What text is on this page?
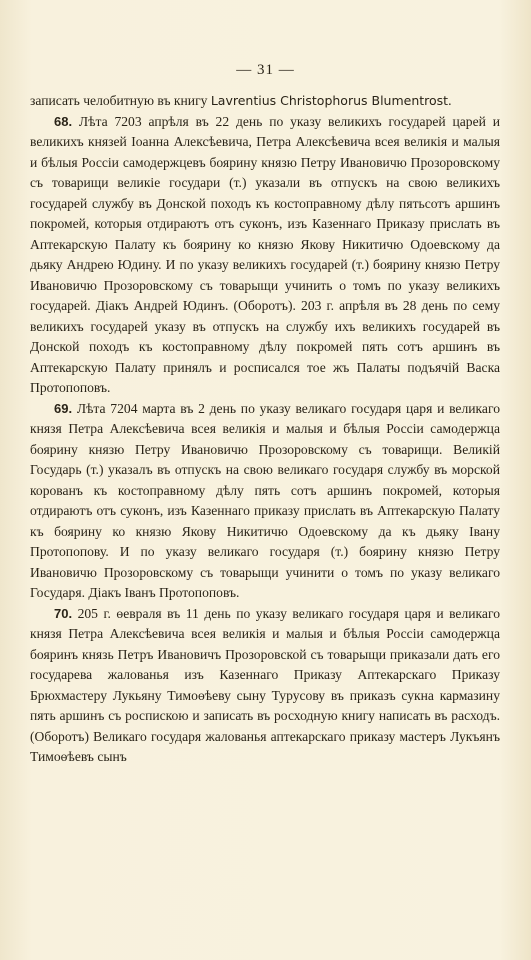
— 31 —

записать челобитную въ книгу Lavrentius Christophorus Blumentrost.

68. Лѣта 7203 апрѣля въ 22 день по указу великихъ государей царей и великихъ князей Іоанна Алексѣевича, Петра Алексѣевича всея великія и малыя и бѣлыя Россіи самодержцевъ боярину князю Петру Ивановичю Прозоровскому съ товарищи великіе государи (т.) указали въ отпускъ на свою великихъ государей службу въ Донской походъ къ костоправному дѣлу пятьсотъ аршинъ покромей, которыя отдираютъ отъ суконъ, изъ Казеннаго Приказу прислать въ Аптекарскую Палату къ боярину ко князю Якову Никитичю Одоевскому да дьяку Андрею Юдину. И по указу великихъ государей (т.) боярину князю Петру Ивановичю Прозоровскому съ товарыщи учинить о томъ по указу великихъ государей. Діакъ Андрей Юдинъ. (Оборотъ). 203 г. апрѣля въ 28 день по сему великихъ государей указу въ отпускъ на службу ихъ великихъ государей въ Донской походъ къ костоправному дѣлу покромей пять сотъ аршинъ въ Аптекарскую Палату принялъ и росписался тое жъ Палаты подъячій Васка Протопоповъ.

69. Лѣта 7204 марта въ 2 день по указу великаго государя царя и великаго князя Петра Алексѣевича всея великія и малыя и бѣлыя Россіи самодержца боярину князю Петру Ивановичю Прозоровскому съ товарищи. Великій Государь (т.) указалъ въ отпускъ на свою великаго государя службу въ морской корованъ къ костоправному дѣлу пять сотъ аршинъ покромей, которыя отдираютъ отъ суконъ, изъ Казеннаго приказу прислать въ Аптекарскую Палату къ боярину ко князю Якову Никитичю Одоевскому да къ дьяку Івану Протопопову. И по указу великаго государя (т.) боярину князю Петру Ивановичю Прозоровскому съ товарыщи учинити о томъ по указу великаго Государя. Діакъ Іванъ Протопоповъ.

70. 205 г. ѳевраля въ 11 день по указу великаго государя царя и великаго князя Петра Алексѣевича всея великія и малыя и бѣлыя Россіи самодержца бояринъ князь Петръ Ивановичъ Прозоровской съ товарыщи приказали дать его государева жалованья изъ Казеннаго Приказу Аптекарскаго Приказу Брюхмастеру Лукьяну Тимоѳѣеву сыну Турусову въ приказъ сукна кармазину пять аршинъ съ роспискою и записать въ росходную книгу написать въ расходъ. (Оборотъ) Великаго государя жалованья аптекарскаго приказу мастеръ Лукъянъ Тимоѳѣевъ сынъ
